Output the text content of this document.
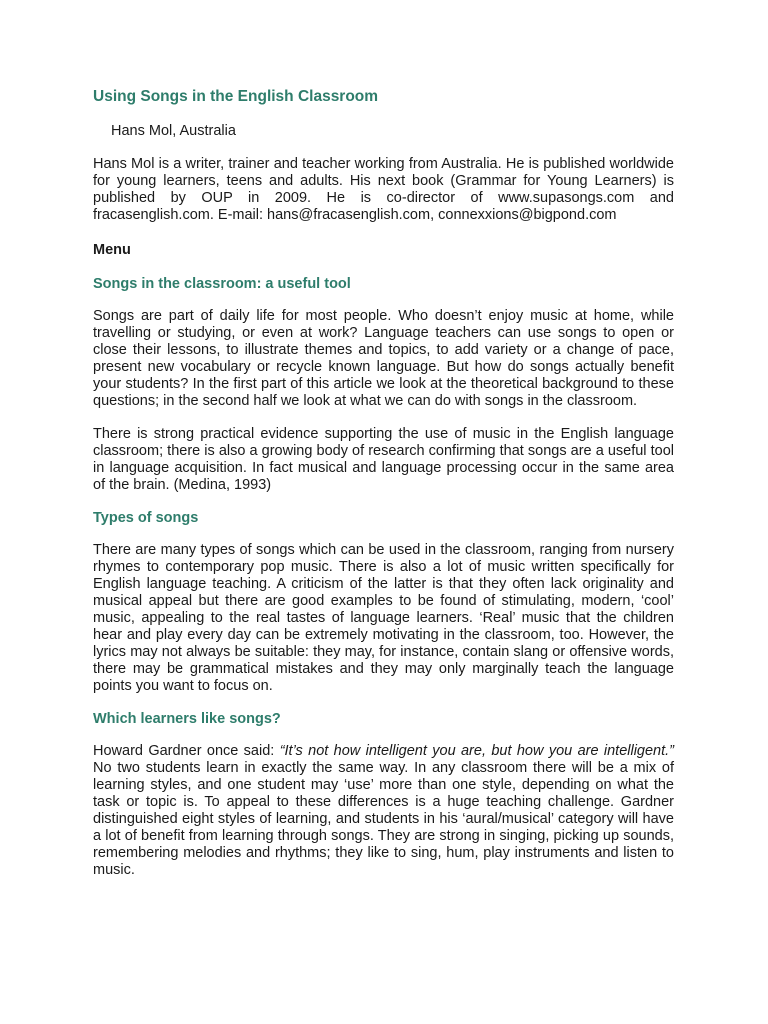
Using Songs in the English Classroom
Hans Mol, Australia

Hans Mol is a writer, trainer and teacher working from Australia. He is published worldwide for young learners, teens and adults. His next book (Grammar for Young Learners) is published by OUP in 2009. He is co-director of www.supasongs.com and fracasenglish.com. E-mail: hans@fracasenglish.com, connexxions@bigpond.com

Menu
Songs in the classroom: a useful tool

Songs are part of daily life for most people. Who doesn’t enjoy music at home, while travelling or studying, or even at work? Language teachers can use songs to open or close their lessons, to illustrate themes and topics, to add variety or a change of pace, present new vocabulary or recycle known language. But how do songs actually benefit your students? In the first part of this article we look at the theoretical background to these questions; in the second half we look at what we can do with songs in the classroom.

There is strong practical evidence supporting the use of music in the English language classroom; there is also a growing body of research confirming that songs are a useful tool in language acquisition. In fact musical and language processing occur in the same area of the brain. (Medina, 1993)

Types of songs

There are many types of songs which can be used in the classroom, ranging from nursery rhymes to contemporary pop music. There is also a lot of music written specifically for English language teaching. A criticism of the latter is that they often lack originality and musical appeal but there are good examples to be found of stimulating, modern, ‘cool’ music, appealing to the real tastes of language learners. ‘Real’ music that the children hear and play every day can be extremely motivating in the classroom, too. However, the lyrics may not always be suitable: they may, for instance, contain slang or offensive words, there may be grammatical mistakes and they may only marginally teach the language points you want to focus on.

Which learners like songs?

Howard Gardner once said: “It’s not how intelligent you are, but how you are intelligent.” No two students learn in exactly the same way. In any classroom there will be a mix of learning styles, and one student may ‘use’ more than one style, depending on what the task or topic is. To appeal to these differences is a huge teaching challenge. Gardner distinguished eight styles of learning, and students in his ‘aural/musical’ category will have a lot of benefit from learning through songs. They are strong in singing, picking up sounds, remembering melodies and rhythms; they like to sing, hum, play instruments and listen to music.
